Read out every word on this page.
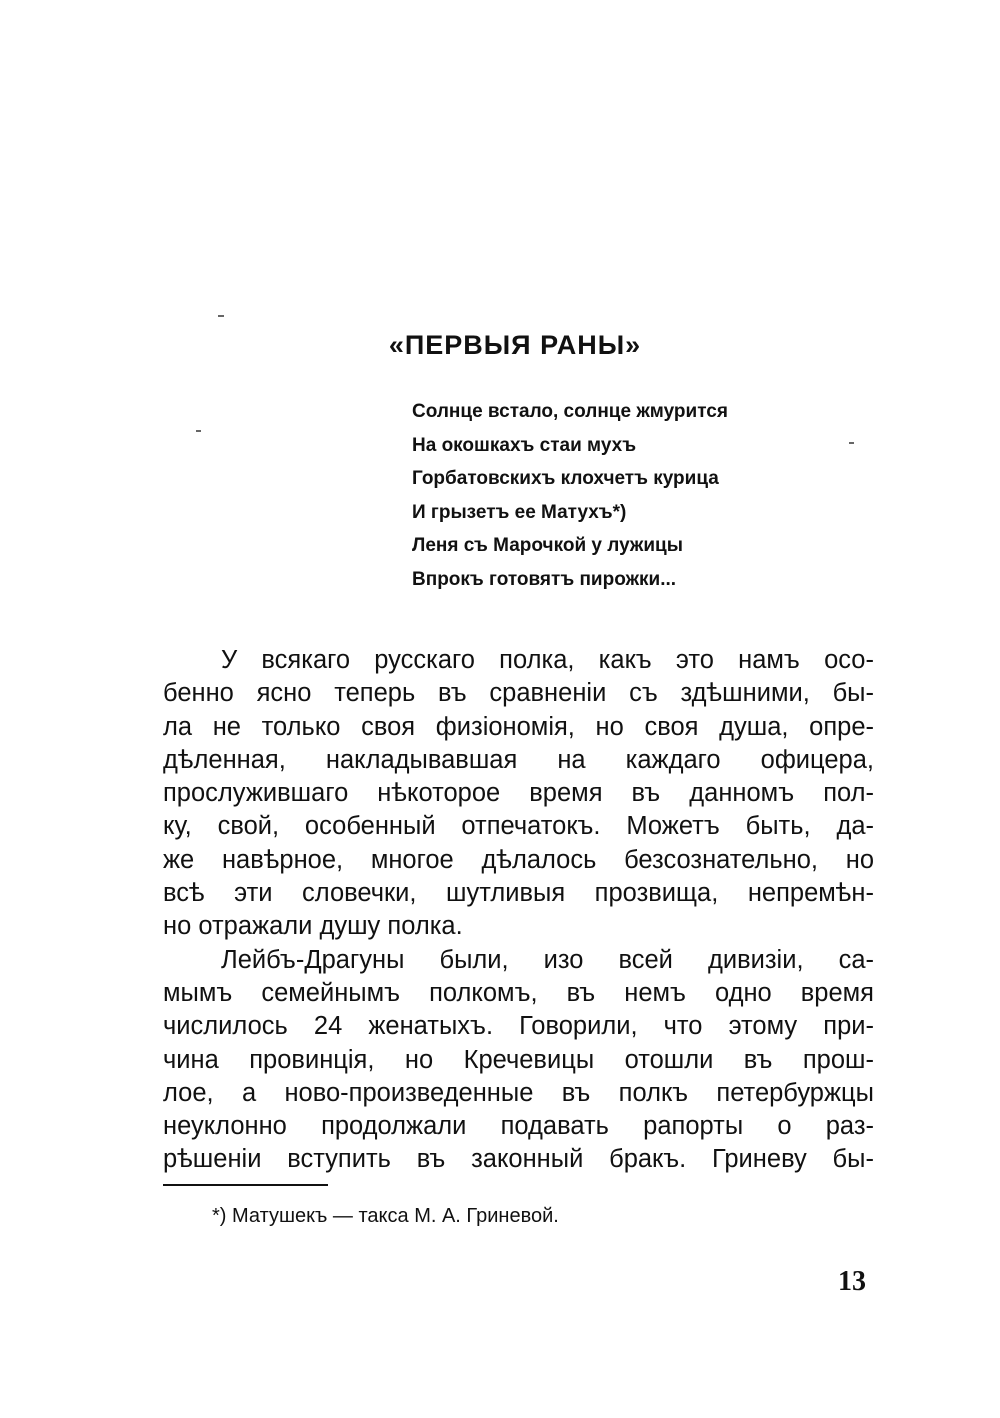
«ПЕРВЫЯ РАНЫ»
Солнце встало, солнце жмурится
На окошкахъ стаи мухъ
Горбатовскихъ клохчетъ курица
И грызетъ ее Матухъ*)
Леня съ Марочкой у лужицы
Впрокъ готовятъ пирожки...
У всякаго русскаго полка, какъ это намъ осо-
бенно ясно теперь въ сравненіи съ здѣшними, бы-
ла не только своя физіономія, но своя душа, опре-
дѣленная, накладывавшая на каждаго офицера,
прослужившаго нѣкоторое время въ данномъ пол-
ку, свой, особенный отпечатокъ. Можетъ быть, да-
же навѣрное, многое дѣлалось безсознательно, но
всѣ эти словечки, шутливыя прозвища, непремѣн-
но отражали душу полка.
Лейбъ-Драгуны были, изо всей дивизіи, са-
мымъ семейнымъ полкомъ, въ немъ одно время
числилось 24 женатыхъ. Говорили, что этому при-
чина провинцiя, но Кречевицы отошли въ прош-
лое, а ново-произведенные въ полкъ петербуржцы
неуклонно продолжали подавать рапорты о раз-
рѣшеніи вступить въ законный бракъ. Гриневу бы-
*) Матушекъ — такса М. А. Гриневой.
13
